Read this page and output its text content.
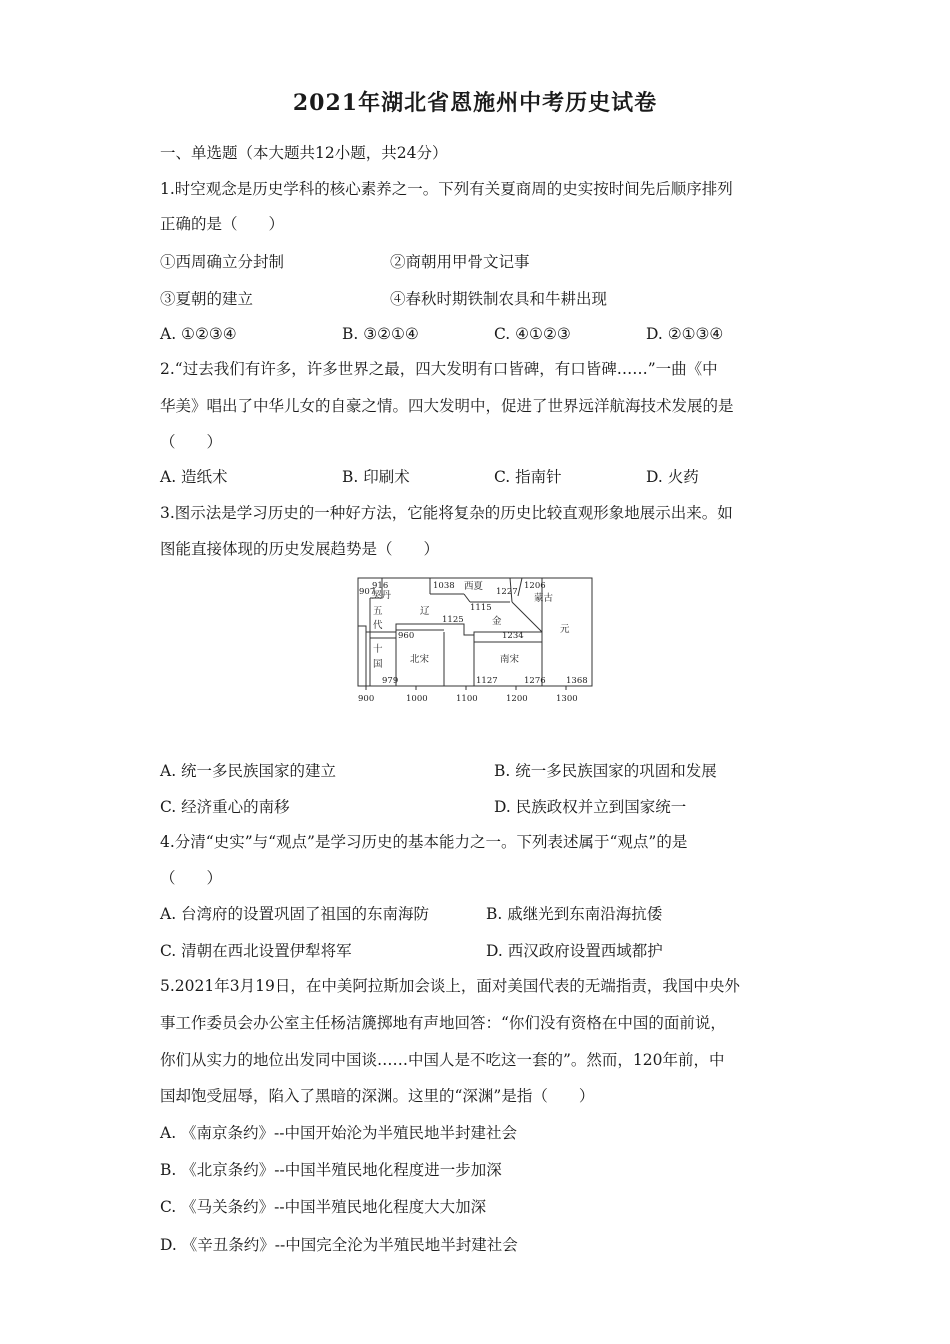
2021年湖北省恩施州中考历史试卷
一、单选题（本大题共12小题，共24分）
1.时空观念是历史学科的核心素养之一。下列有关夏商周的史实按时间先后顺序排列
正确的是（　　）
①西周确立分封制	②商朝用甲骨文记事
③夏朝的建立	④春秋时期铁制农具和牛耕出现
A. ①②③④	B. ③②①④	C. ④①②③	D. ②①③④
2.“过去我们有许多，许多世界之最，四大发明有口皆碑，有口皆碑……”一曲《中
华美》唱出了中华儿女的自豪之情。四大发明中，促进了世界远洋航海技术发展的是
（　　）
A. 造纸术	B. 印刷术	C. 指南针	D. 火药
3.图示法是学习历史的一种好方法，它能将复杂的历史比较直观形象地展示出来。如
图能直接体现的历史发展趋势是（　　）
907
916	1038
1227
1206
1115
1125
1234
960
979	1127	1276 1368
契丹
辽
西夏
蒙古
金
元
五
代
十
国	北宋	南宋
900	1000	1100	1200	1300
A. 统一多民族国家的建立	B. 统一多民族国家的巩固和发展
C. 经济重心的南移	D. 民族政权并立到国家统一
4.分清“史实”与“观点”是学习历史的基本能力之一。下列表述属于“观点”的是
（　　）
A. 台湾府的设置巩固了祖国的东南海防	B. 戚继光到东南沿海抗倭
C. 清朝在西北设置伊犁将军	D. 西汉政府设置西域都护
5.2021年3月19日，在中美阿拉斯加会谈上，面对美国代表的无端指责，我国中央外
事工作委员会办公室主任杨洁篪掷地有声地回答：“你们没有资格在中国的面前说，
你们从实力的地位出发同中国谈……中国人是不吃这一套的”。然而，120年前，中
国却饱受屈辱，陷入了黑暗的深渊。这里的“深渊”是指（　　）
A. 《南京条约》--中国开始沦为半殖民地半封建社会
B. 《北京条约》--中国半殖民地化程度进一步加深
C. 《马关条约》--中国半殖民地化程度大大加深
D. 《辛丑条约》--中国完全沦为半殖民地半封建社会
